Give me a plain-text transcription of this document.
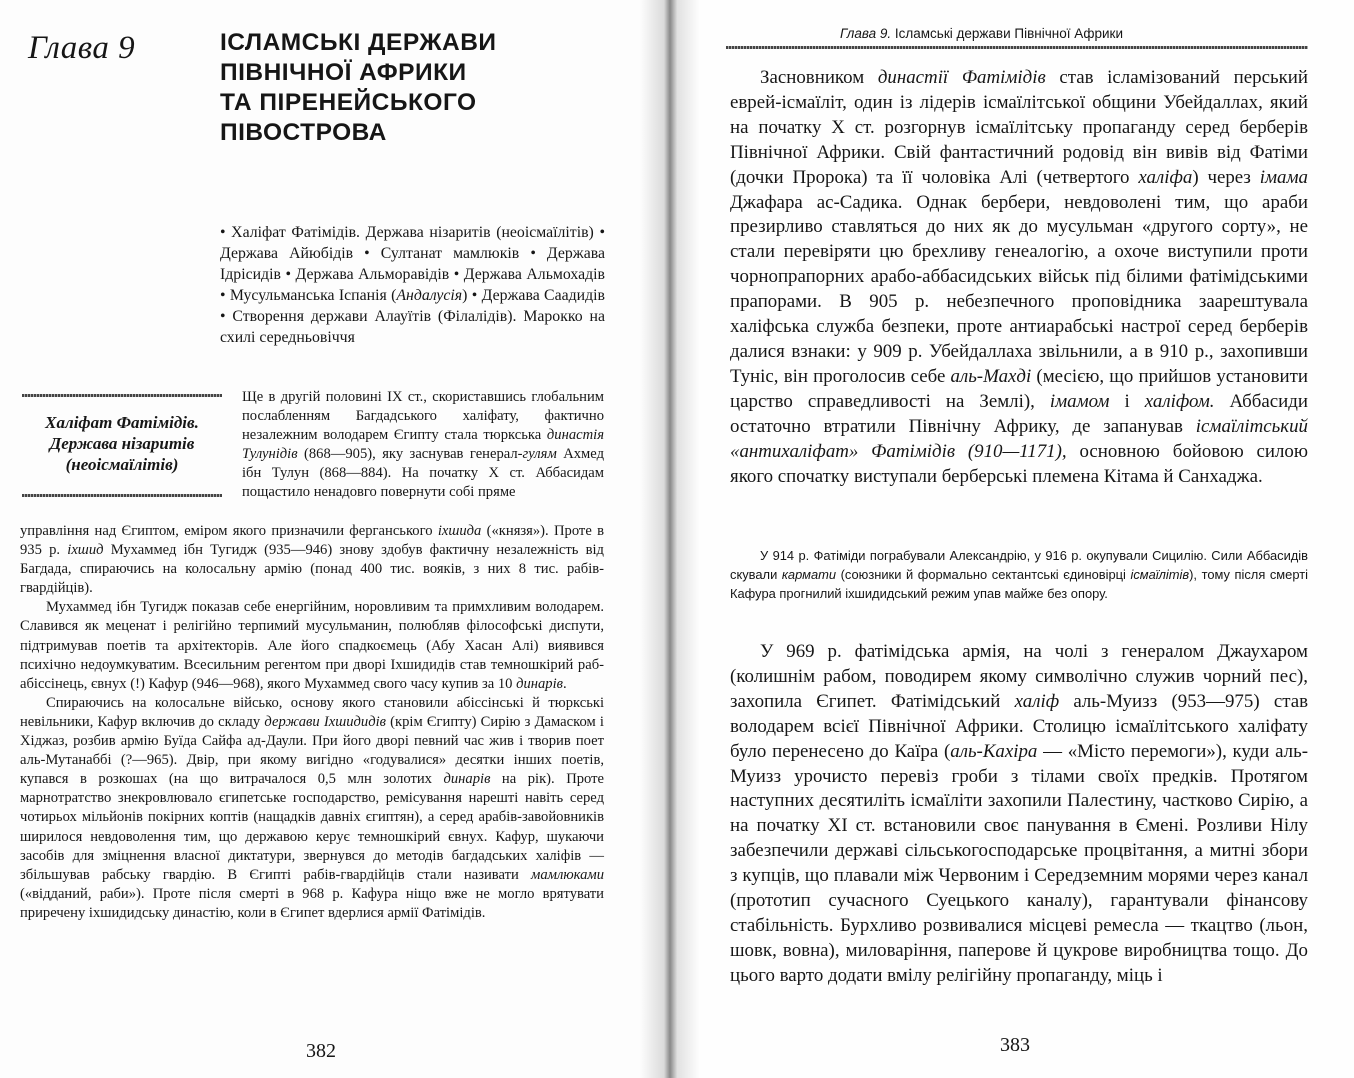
Глава 9	ІСЛАМСЬКІ ДЕРЖАВИ
ПІВНІЧНОЇ АФРИКИ
ТА ПІРЕНЕЙСЬКОГО
ПІВОСТРОВА
• Халіфат Фатімідів. Держава нізаритів (неоісмаїлітів) • Держава Айюбідів • Султанат мамлюків • Держава Ідрісидів • Держава Альморавідів • Держава Альмохадів • Мусульманська Іспанія (Андалусія) • Держава Саадидів • Створення держави Алауїтів (Філалідів). Марокко на схилі середньовіччя
Халіфат Фатімідів. Держава нізаритів (неоісмаїлітів)
Ще в другій половині IX ст., скориставшись глобальним послабленням Багдадського халіфату, фактично незалежним володарем Єгипту стала тюркська династія Тулунідів (868—905), яку заснував генерал-гулям Ахмед ібн Тулун (868—884). На початку X ст. Аббасидам пощастило ненадовго повернути собі пряме

управління над Єгиптом, еміром якого призначили ферганського іхшида («князя»). Проте в 935 р. іхшид Мухаммед ібн Тугидж (935—946) знову здобув фактичну незалежність від Багдада, спираючись на колосальну армію (понад 400 тис. вояків, з них 8 тис. рабів-гвардійців).

Мухаммед ібн Тугидж показав себе енергійним, норовливим та примхливим володарем. Славився як меценат і релігійно терпимий мусульманин, полюбляв філософські диспути, підтримував поетів та архітекторів. Але його спадкоємець (Абу Хасан Алі) виявився психічно недоумкуватим. Всесильним регентом при дворі Іхшидидів став темношкірий раб-абіссінець, євнух (!) Кафур (946—968), якого Мухаммед свого часу купив за 10 динарів.

Спираючись на колосальне військо, основу якого становили абіссінські й тюркські невільники, Кафур включив до складу держави Іхшидидів (крім Єгипту) Сирію з Дамаском і Хіджаз, розбив армію Буїда Сайфа ад-Даули. При його дворі певний час жив і творив поет аль-Мутанаббі (?—965). Двір, при якому вигідно «годувалися» десятки інших поетів, купався в розкошах (на що витрачалося 0,5 млн золотих динарів на рік). Проте марнотратство знекровлювало єгипетське господарство, ремісування нарешті навіть серед чотирьох мільйонів покірних коптів (нащадків давніх єгиптян), а серед арабів-завойовників ширилося невдоволення тим, що державою керує темношкірий євнух. Кафур, шукаючи засобів для зміцнення власної диктатури, звернувся до методів багдадських халіфів — збільшував рабську гвардію. В Єгипті рабів-гвардійців стали називати мамлюками («відданий, раби»). Проте після смерті в 968 р. Кафура ніщо вже не могло врятувати приречену іхшидидську династію, коли в Єгипет вдерлися армії Фатімідів.

382
Глава 9. Ісламські держави Північної Африки

Засновником династії Фатімідів став ісламізований перський еврей-ісмаїліт, один із лідерів ісмаїлітської общини Убейдаллах, який на початку X ст. розгорнув ісмаїлітську пропаганду серед берберів Північної Африки. Свій фантастичний родовід він вивів від Фатіми (дочки Пророка) та її чоловіка Алі (четвертого халіфа) через імама Джафара ас-Садика. Однак бербери, невдоволені тим, що араби презирливо ставляться до них як до мусульман «другого сорту», не стали перевіряти цю брехливу генеалогію, а охоче виступили проти чорнопрапорних арабо-аббасидських військ під білими фатімідськими прапорами. В 905 р. небезпечного проповідника заарештувала халіфська служба безпеки, проте антиарабські настрої серед берберів далися взнаки: у 909 р. Убейдаллаха звільнили, а в 910 р., захопивши Туніс, він проголосив себе аль-Махді (месією, що прийшов установити царство справедливості на Землі), імамом і халіфом. Аббасиди остаточно втратили Північну Африку, де запанував ісмаїлітський «антихаліфат» Фатімідів (910—1171), основною бойовою силою якого спочатку виступали берберські племена Кітама й Санхаджа.

У 914 р. Фатіміди пограбували Александрію, у 916 р. окупували Сицилію. Сили Аббасидів скували кармати (союзники й формально сектантські єдиновірці ісмаїлітів), тому після смерті Кафура прогнилий іхшидидський режим упав майже без опору.

У 969 р. фатімідська армія, на чолі з генералом Джаухаром (колишнім рабом, поводирем якому символічно служив чорний пес), захопила Єгипет. Фатімідський халіф аль-Муизз (953—975) став володарем всієї Північної Африки. Столицю ісмаїлітського халіфату було перенесено до Каїра (аль-Кахіра — «Місто перемоги»), куди аль-Муизз урочисто перевіз гроби з тілами своїх предків. Протягом наступних десятиліть ісмаїліти захопили Палестину, частково Сирію, а на початку XI ст. встановили своє панування в Ємені. Розливи Нілу забезпечили державі сільськогосподарське процвітання, а митні збори з купців, що плавали між Червоним і Середземним морями через канал (прототип сучасного Суецького каналу), гарантували фінансову стабільність. Бурхливо розвивалися місцеві ремесла — ткацтво (льон, шовк, вовна), миловаріння, паперове й цукрове виробництва тощо. До цього варто додати вмілу релігійну пропаганду, міць і

383
